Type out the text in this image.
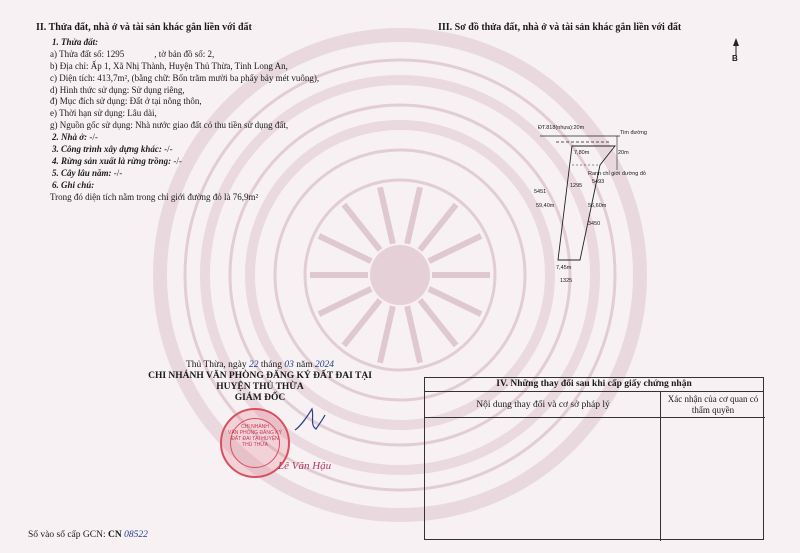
II. Thửa đất, nhà ở và tài sản khác gắn liền với đất
1. Thửa đất:
a) Thửa đất số: 1295	, tờ bản đồ số: 2,
b) Địa chỉ: Ấp 1, Xã Nhị Thành, Huyện Thủ Thừa, Tỉnh Long An,
c) Diện tích: 413,7m², (bằng chữ: Bốn trăm mười ba phẩy bảy mét vuông),
d) Hình thức sử dụng: Sử dụng riêng,
đ) Mục đích sử dụng: Đất ở tại nông thôn,
e) Thời hạn sử dụng: Lâu dài,
g) Nguồn gốc sử dụng: Nhà nước giao đất có thu tiền sử dụng đất,
2. Nhà ở: -/-
3. Công trình xây dựng khác: -/-
4. Rừng sản xuất là rừng trồng: -/-
5. Cây lâu năm: -/-
6. Ghi chú:
Trong đó diện tích nằm trong chỉ giới đường đỏ là 76,9m²
III. Sơ đồ thửa đất, nhà ở và tài sản khác gắn liền với đất
B
ĐT.818(nhựa):20m
Tim đường
20m
7,80m
Ranh chỉ giới đường đỏ
5493
1295
5451
59,40m	56,60m
3450
7,45m
1325
Thủ Thừa, ngày 22 tháng 03 năm 2024
CHI NHÁNH VĂN PHÒNG ĐĂNG KÝ ĐẤT ĐAI TẠI
HUYỆN THỦ THỪA
GIÁM ĐỐC
CHI NHÁNH
VĂN PHÒNG ĐĂNG KÝ
ĐẤT ĐAI TẠI HUYỆN
THỦ THỪA
Lê Văn Hậu
Số vào sổ cấp GCN: CN 08522
IV. Những thay đổi sau khi cấp giấy chứng nhận
Nội dung thay đổi và cơ sở pháp lý
Xác nhận của cơ quan có thẩm quyền
